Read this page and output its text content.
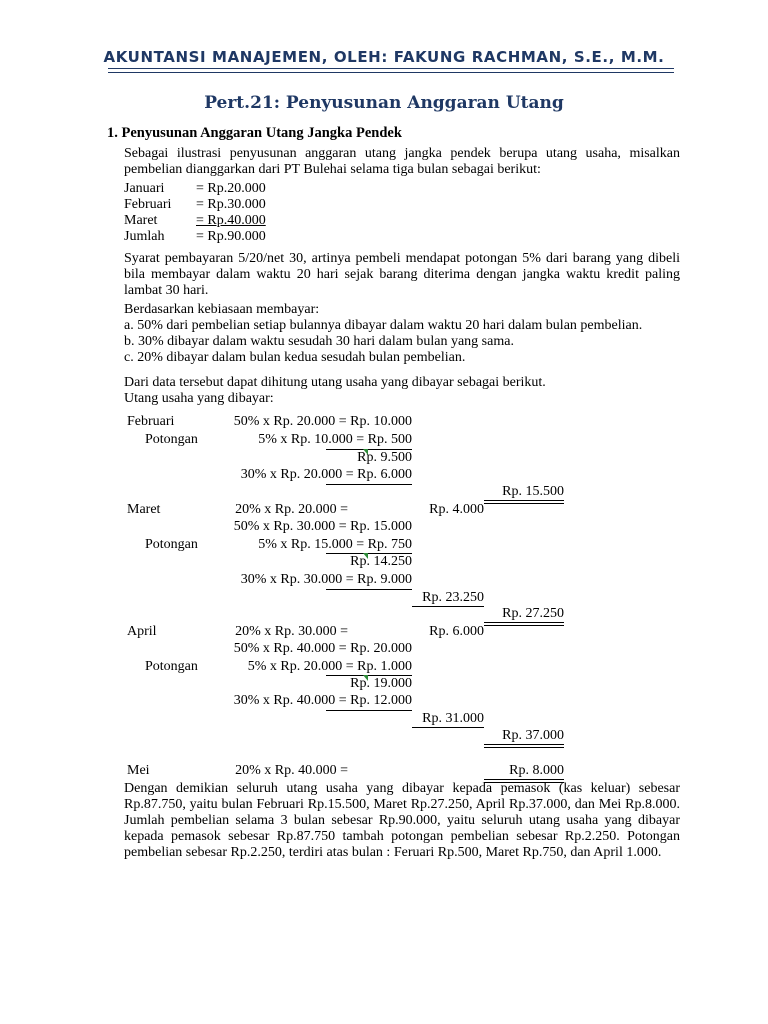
AKUNTANSI MANAJEMEN, OLEH: FAKUNG RACHMAN, S.E., M.M.
Pert.21: Penyusunan Anggaran Utang
1. Penyusunan Anggaran Utang Jangka Pendek

Sebagai ilustrasi penyusunan anggaran utang jangka pendek berupa utang usaha, misalkan pembelian dianggarkan dari PT Bulehai selama tiga bulan sebagai berikut:

Januari = Rp.20.000
Februari = Rp.30.000
Maret	= Rp.40.000
Jumlah = Rp.90.000

Syarat pembayaran 5/20/net 30, artinya pembeli mendapat potongan 5% dari barang yang dibeli bila membayar dalam waktu 20 hari sejak barang diterima dengan jangka waktu kredit paling lambat 30 hari.

Berdasarkan kebiasaan membayar:
a. 50% dari pembelian setiap bulannya dibayar dalam waktu 20 hari dalam bulan pembelian.
b. 30% dibayar dalam waktu sesudah 30 hari dalam bulan yang sama.
c. 20% dibayar dalam bulan kedua sesudah bulan pembelian.
Dari data tersebut dapat dihitung utang usaha yang dibayar sebagai berikut.
Utang usaha yang dibayar:
Februari	50% x Rp. 20.000 = Rp. 10.000
Potongan	5% x Rp. 10.000 = Rp. 500
Rp. 9.500
30% x Rp. 20.000 = Rp. 6.000
Rp. 15.500
Maret	20% x Rp. 20.000 =	Rp. 4.000
50% x Rp. 30.000 = Rp. 15.000
Potongan	5% x Rp. 15.000 = Rp. 750
Rp. 14.250
30% x Rp. 30.000 = Rp. 9.000
Rp. 23.250
Rp. 27.250
April	20% x Rp. 30.000 =	Rp. 6.000
50% x Rp. 40.000 = Rp. 20.000
Potongan	5% x Rp. 20.000 = Rp. 1.000
Rp. 19.000
30% x Rp. 40.000 = Rp. 12.000
Rp. 31.000
Rp. 37.000
Mei	20% x Rp. 40.000 =	Rp. 8.000

Dengan demikian seluruh utang usaha yang dibayar kepada pemasok (kas keluar) sebesar Rp.87.750, yaitu bulan Februari Rp.15.500, Maret Rp.27.250, April Rp.37.000, dan Mei Rp.8.000. Jumlah pembelian selama 3 bulan sebesar Rp.90.000, yaitu seluruh utang usaha yang dibayar kepada pemasok sebesar Rp.87.750 tambah potongan pembelian sebesar Rp.2.250. Potongan pembelian sebesar Rp.2.250, terdiri atas bulan : Feruari Rp.500, Maret Rp.750, dan April 1.000.
